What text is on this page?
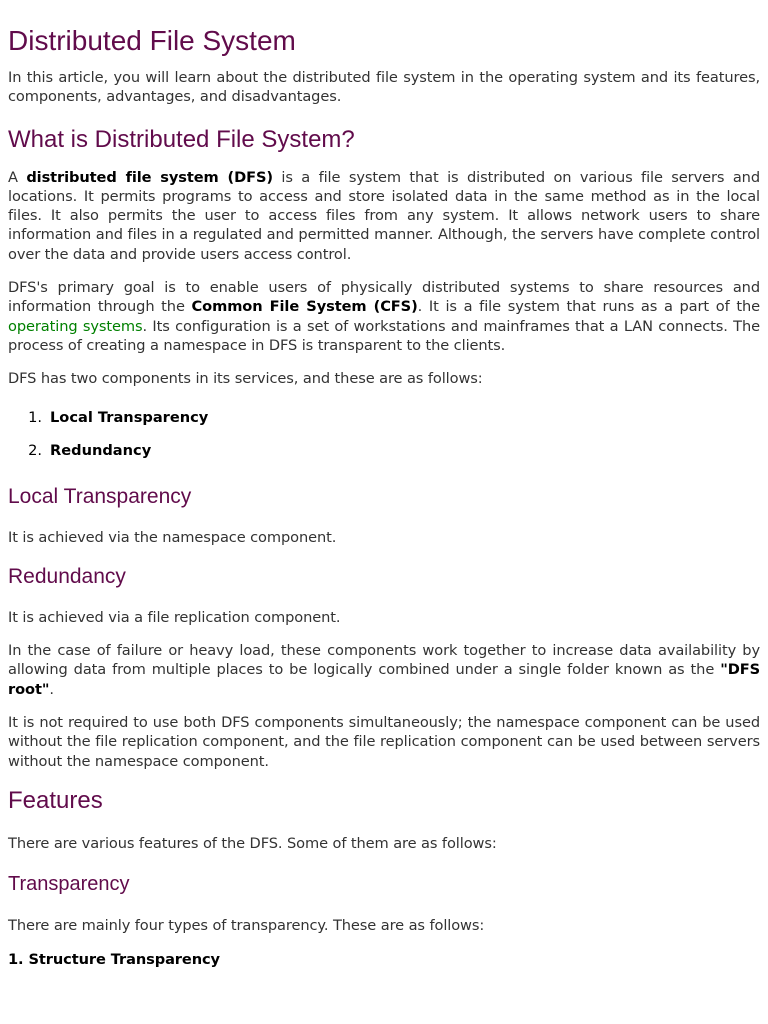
Distributed File System

In this article, you will learn about the distributed file system in the operating system and its features, components, advantages, and disadvantages.

What is Distributed File System?

A distributed file system (DFS) is a file system that is distributed on various file servers and locations. It permits programs to access and store isolated data in the same method as in the local files. It also permits the user to access files from any system. It allows network users to share information and files in a regulated and permitted manner. Although, the servers have complete control over the data and provide users access control.

DFS's primary goal is to enable users of physically distributed systems to share resources and information through the Common File System (CFS). It is a file system that runs as a part of the operating systems. Its configuration is a set of workstations and mainframes that a LAN connects. The process of creating a namespace in DFS is transparent to the clients.

DFS has two components in its services, and these are as follows:

1. Local Transparency
2. Redundancy
Local Transparency

It is achieved via the namespace component.

Redundancy

It is achieved via a file replication component.

In the case of failure or heavy load, these components work together to increase data availability by allowing data from multiple places to be logically combined under a single folder known as the "DFS root".

It is not required to use both DFS components simultaneously; the namespace component can be used without the file replication component, and the file replication component can be used between servers without the namespace component.

Features

There are various features of the DFS. Some of them are as follows:

Transparency

There are mainly four types of transparency. These are as follows:

1. Structure Transparency
